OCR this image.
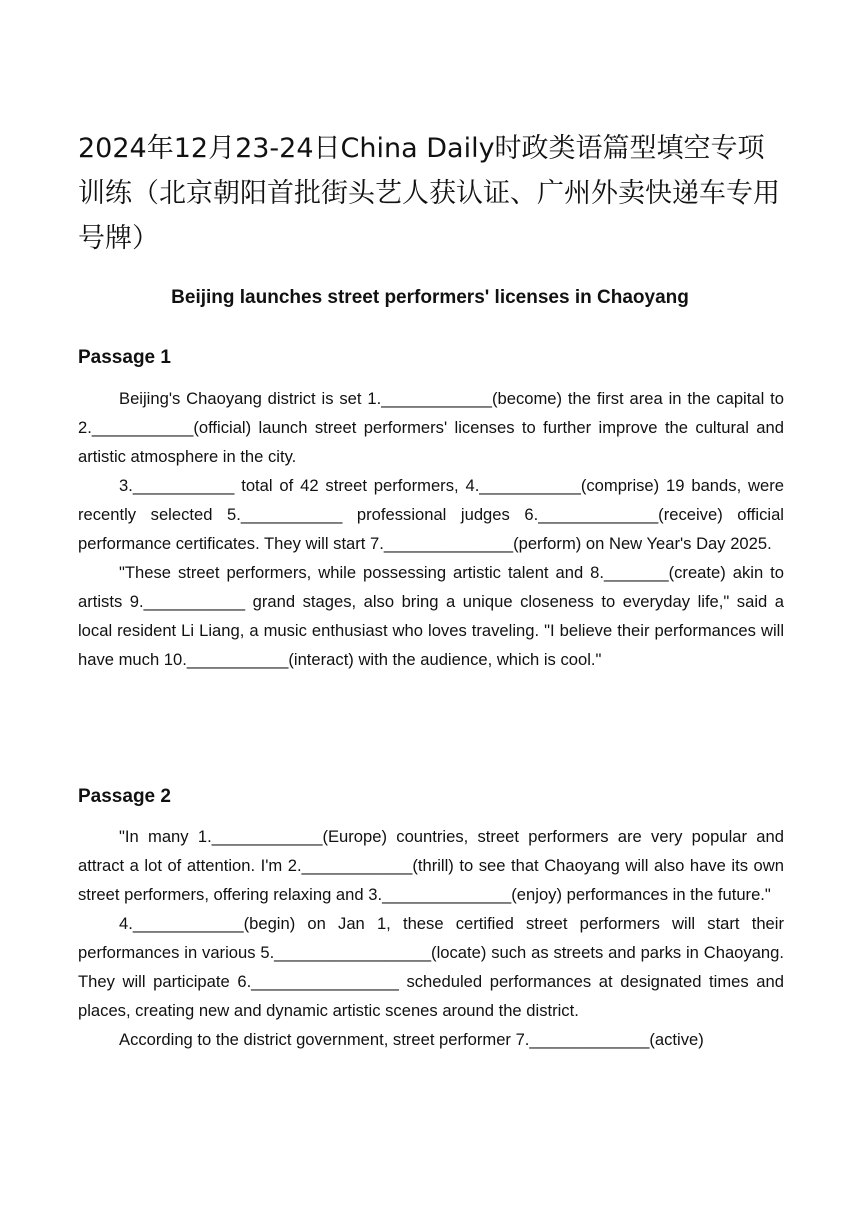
2024年12月23-24日China Daily时政类语篇型填空专项训练（北京朝阳首批街头艺人获认证、广州外卖快递车专用号牌）
Beijing launches street performers' licenses in Chaoyang
Passage 1

Beijing's Chaoyang district is set 1.____________(become) the first area in the capital to 2.___________(official) launch street performers' licenses to further improve the cultural and artistic atmosphere in the city.

3.___________ total of 42 street performers, 4.___________(comprise) 19 bands, were recently selected 5.___________ professional judges 6._____________(receive) official performance certificates. They will start 7.______________(perform) on New Year's Day 2025.

"These street performers, while possessing artistic talent and 8._______(create) akin to artists 9.___________ grand stages, also bring a unique closeness to everyday life," said a local resident Li Liang, a music enthusiast who loves traveling. "I believe their performances will have much 10.___________(interact) with the audience, which is cool."

Passage 2

"In many 1.____________(Europe) countries, street performers are very popular and attract a lot of attention. I'm 2.____________(thrill) to see that Chaoyang will also have its own street performers, offering relaxing and 3.______________(enjoy) performances in the future."

4.____________(begin) on Jan 1, these certified street performers will start their performances in various 5._________________(locate) such as streets and parks in Chaoyang. They will participate 6.________________ scheduled performances at designated times and places, creating new and dynamic artistic scenes around the district.

According to the district government, street performer 7._____________(active)
